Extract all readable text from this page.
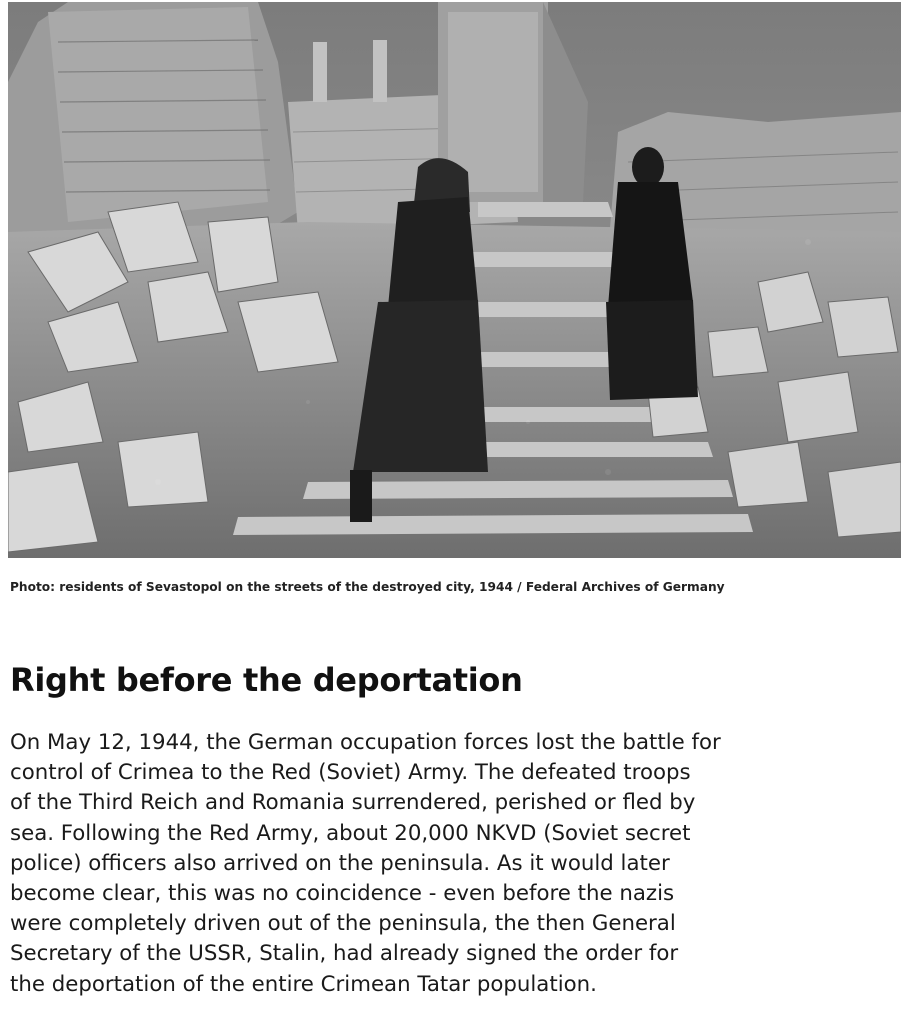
Photo: residents of Sevastopol on the streets of the destroyed city, 1944 / Federal Archives of Germany
Right before the deportation

On May 12, 1944, the German occupation forces lost the battle for
control of Crimea to the Red (Soviet) Army. The defeated troops
of the Third Reich and Romania surrendered, perished or fled by
sea. Following the Red Army, about 20,000 NKVD (Soviet secret
police) officers also arrived on the peninsula. As it would later
become clear, this was no coincidence - even before the nazis
were completely driven out of the peninsula, the then General
Secretary of the USSR, Stalin, had already signed the order for
the deportation of the entire Crimean Tatar population.
